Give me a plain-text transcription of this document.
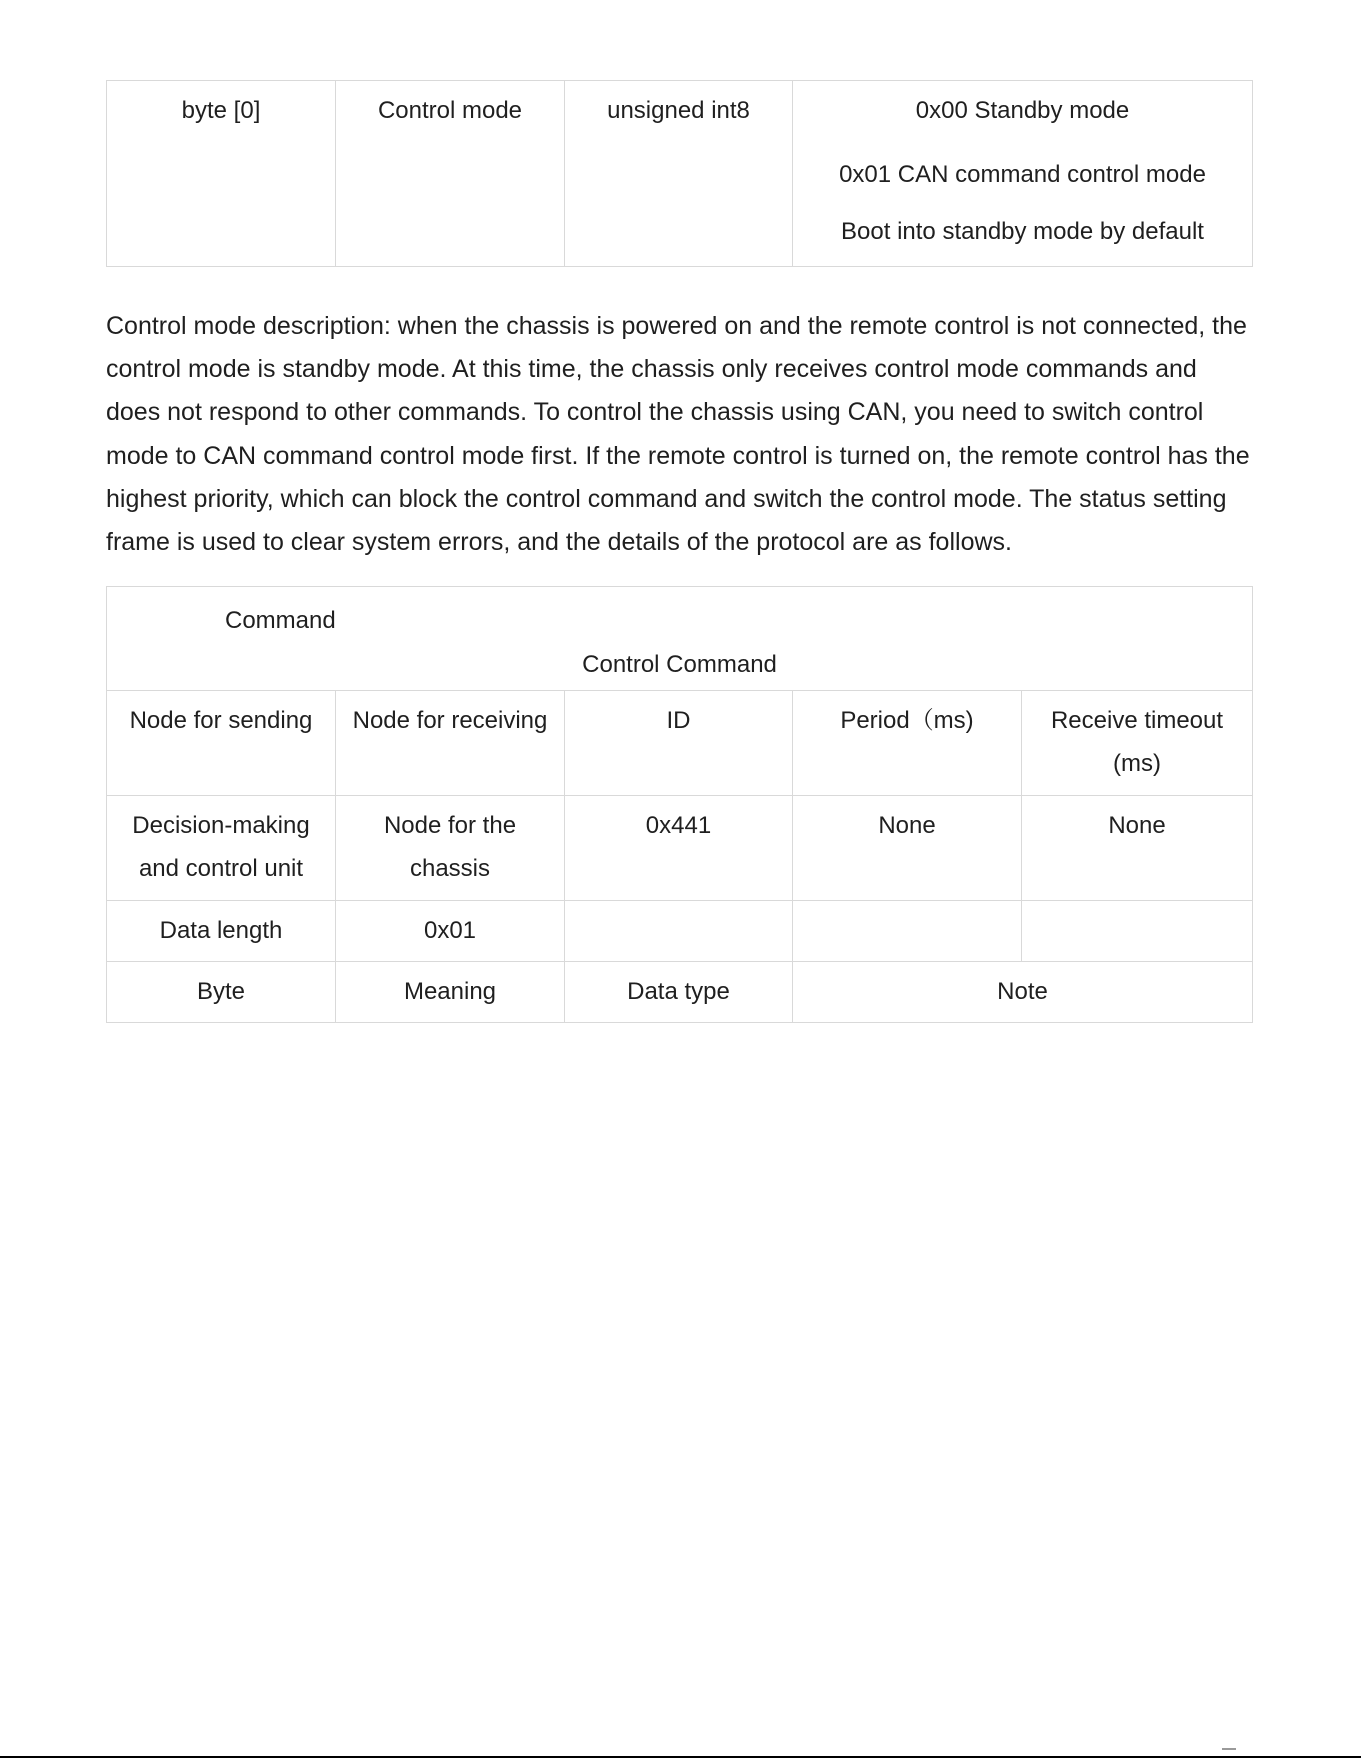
byte [0]	Control mode	unsigned int8	0x00 Standby mode
0x01 CAN command control mode
Boot into standby mode by default

Control mode description: when the chassis is powered on and the remote control is not connected, the control mode is standby mode. At this time, the chassis only receives control mode commands and does not respond to other commands. To control the chassis using CAN, you need to switch control mode to CAN command control mode first. If the remote control is turned on, the remote control has the highest priority, which can block the control command and switch the control mode. The status setting frame is used to clear system errors, and the details of the protocol are as follows.

Command
Control Command				

Node for sending	Node for receiving	ID	Period（ms)	Receive timeout (ms)
Decision-making and control unit	Node for the chassis	0x441	None	None
Data length	0x01			
Byte	Meaning	Data type	Note	
